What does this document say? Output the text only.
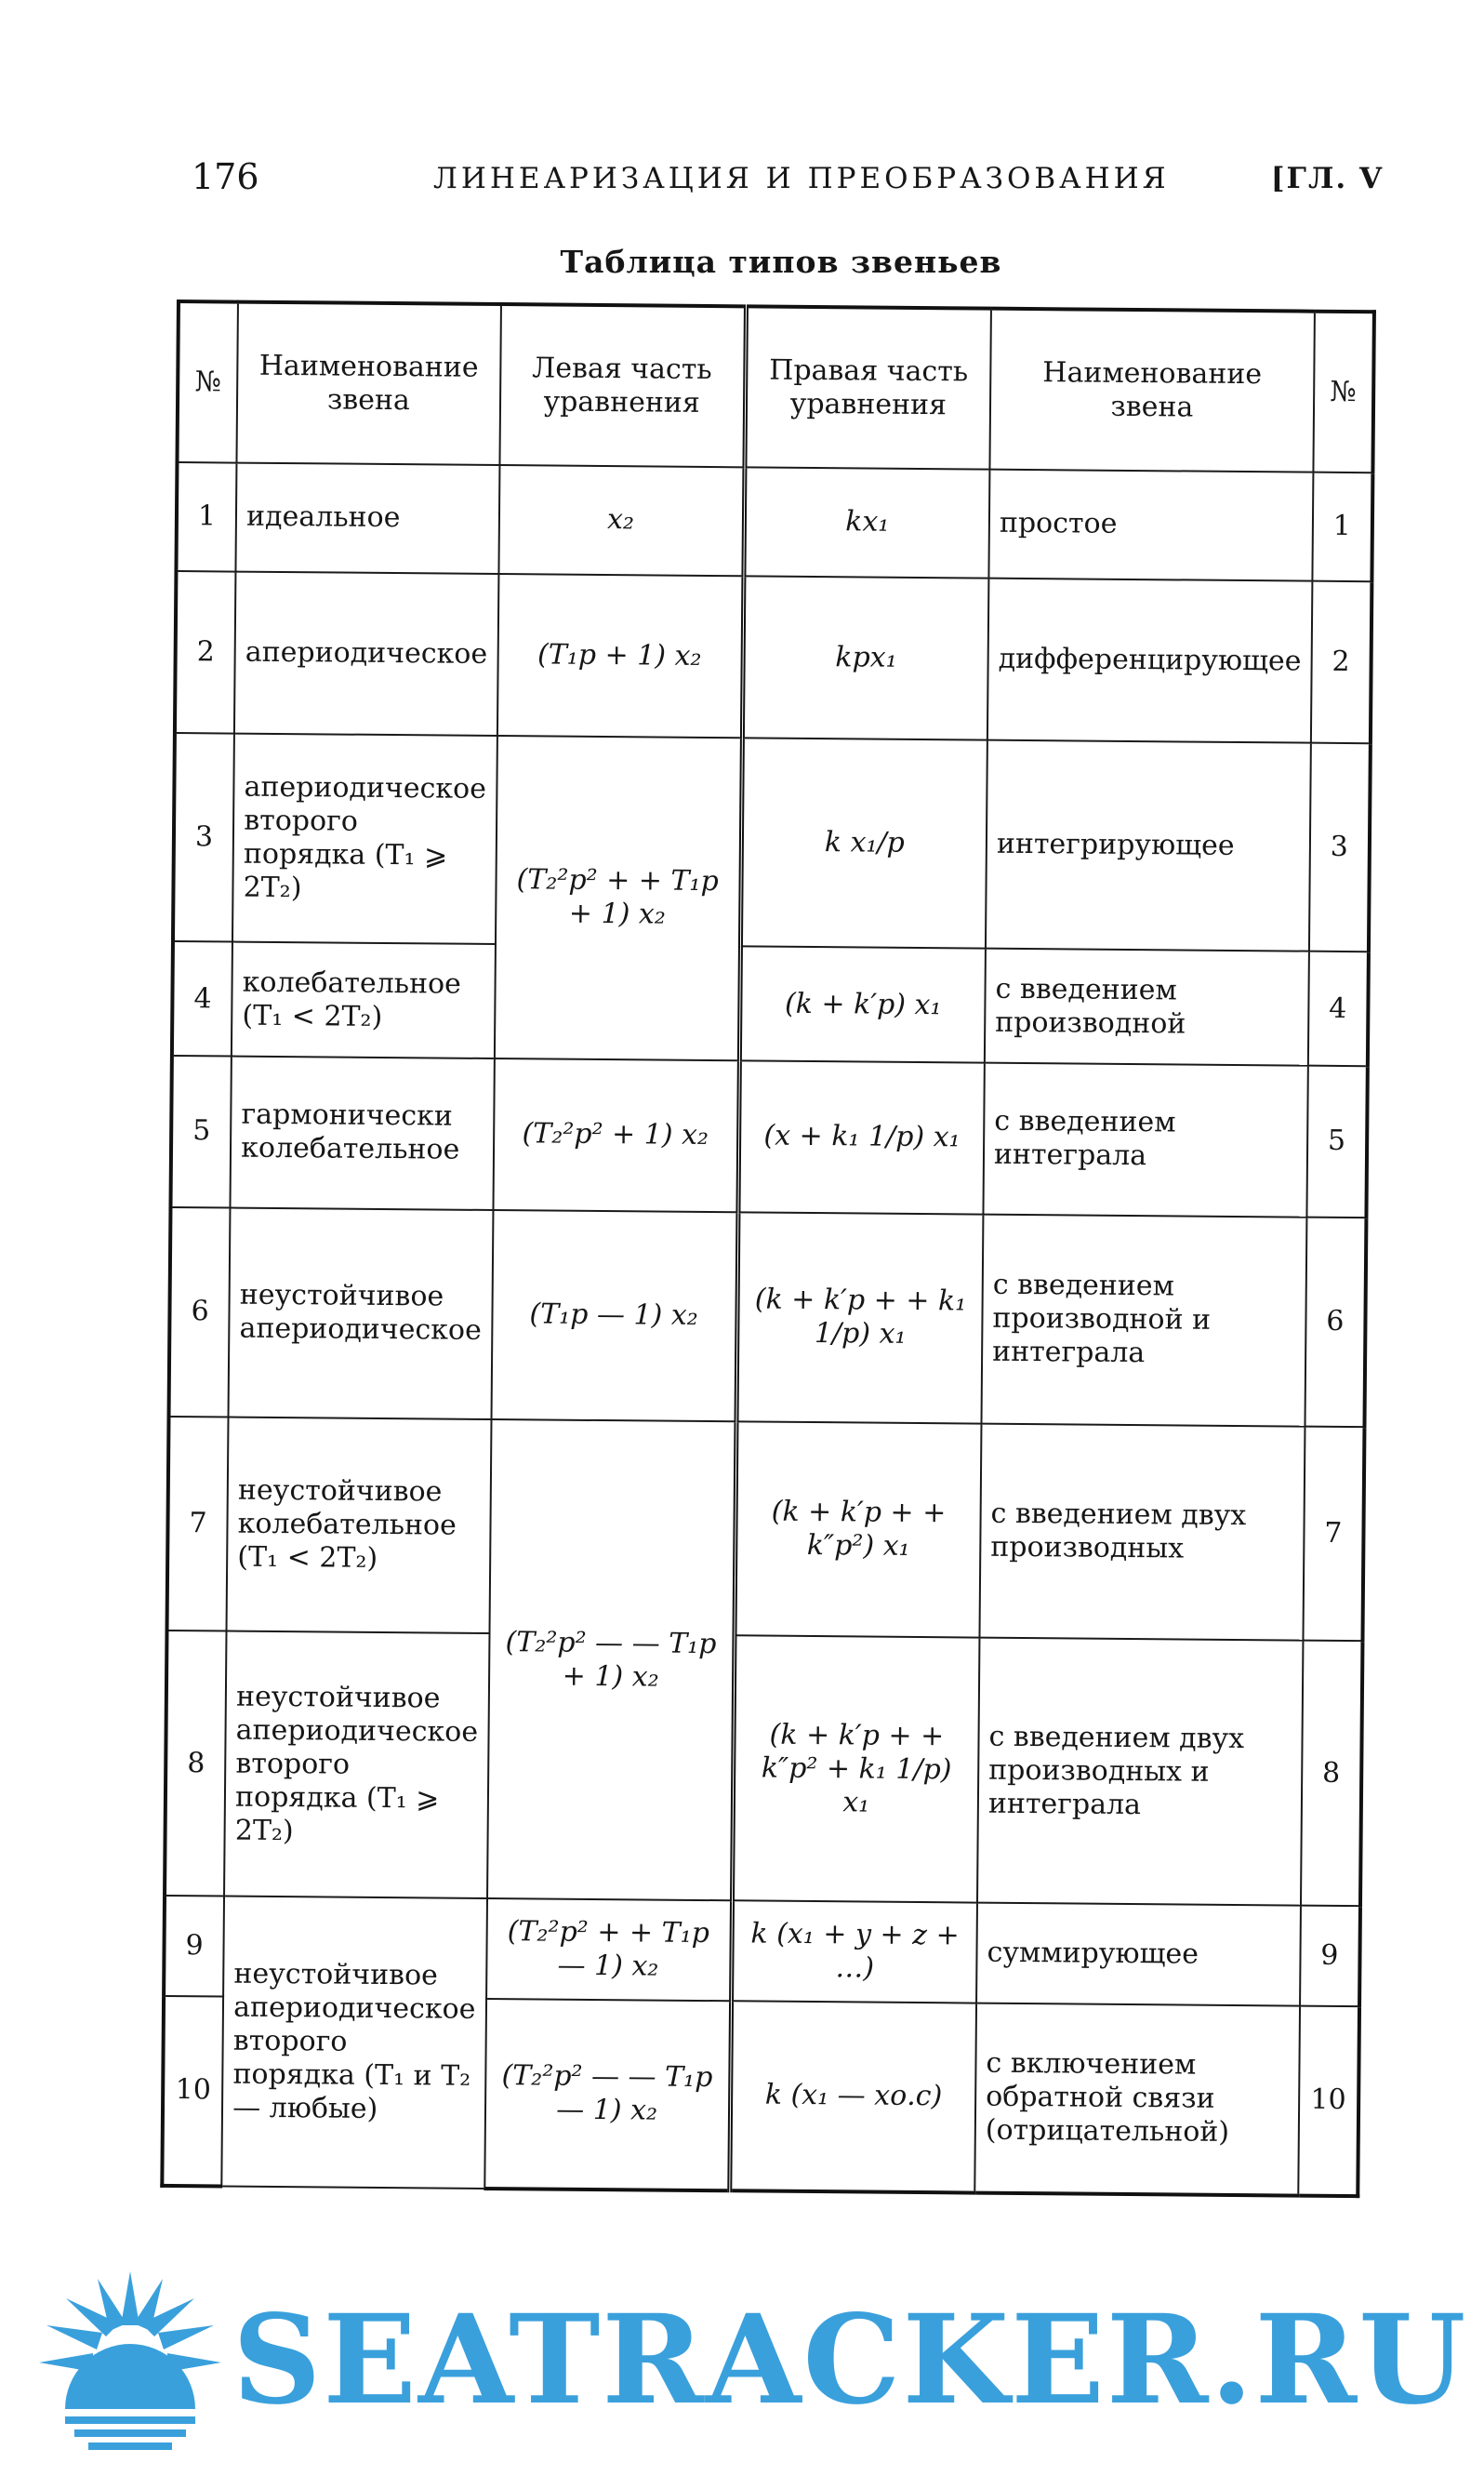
176	ЛИНЕАРИЗАЦИЯ И ПРЕОБРАЗОВАНИЯ	[ГЛ. V
Таблица типов звеньев
№	Наименование звена	Левая часть уравнения	Правая часть уравнения	Наименование звена	№
1	идеальное	x₂	kx₁	простое	1
2	апериодическое	(T₁p + 1) x₂	kpx₁	дифференцирующее	2
3	апериодическое второго порядка (T₁ ⩾ 2T₂)	(T₂²p² + + T₁p + 1) x₂	k x₁/p	интегрирующее	3
4	колебательное (T₁ < 2T₂)		(k + k′p) x₁	с введением производной	4
5	гармонически колебательное	(T₂²p² + 1) x₂	(x + k₁ 1/p) x₁	с введением интеграла	5
6	неустойчивое апериодическое	(T₁p — 1) x₂	(k + k′p + + k₁ 1/p) x₁	с введением производной и интеграла	6
7	неустойчивое колебательное (T₁ < 2T₂)	(T₂²p² — — T₁p + 1) x₂	(k + k′p + + k″p²) x₁	с введением двух производных	7
8	неустойчивое апериодическое второго порядка (T₁ ⩾ 2T₂)		(k + k′p + + k″p² + k₁ 1/p) x₁	с введением двух производных и интеграла	8
9	неустойчивое апериодическое второго порядка (T₁ и T₂ — любые)	(T₂²p² + + T₁p — 1) x₂	k (x₁ + y + z + …)	суммирующее	9
10		(T₂²p² — — T₁p — 1) x₂	k (x₁ — xо.с)	с включением обратной связи (отрицательной)	10
SEATRACKER.RU
